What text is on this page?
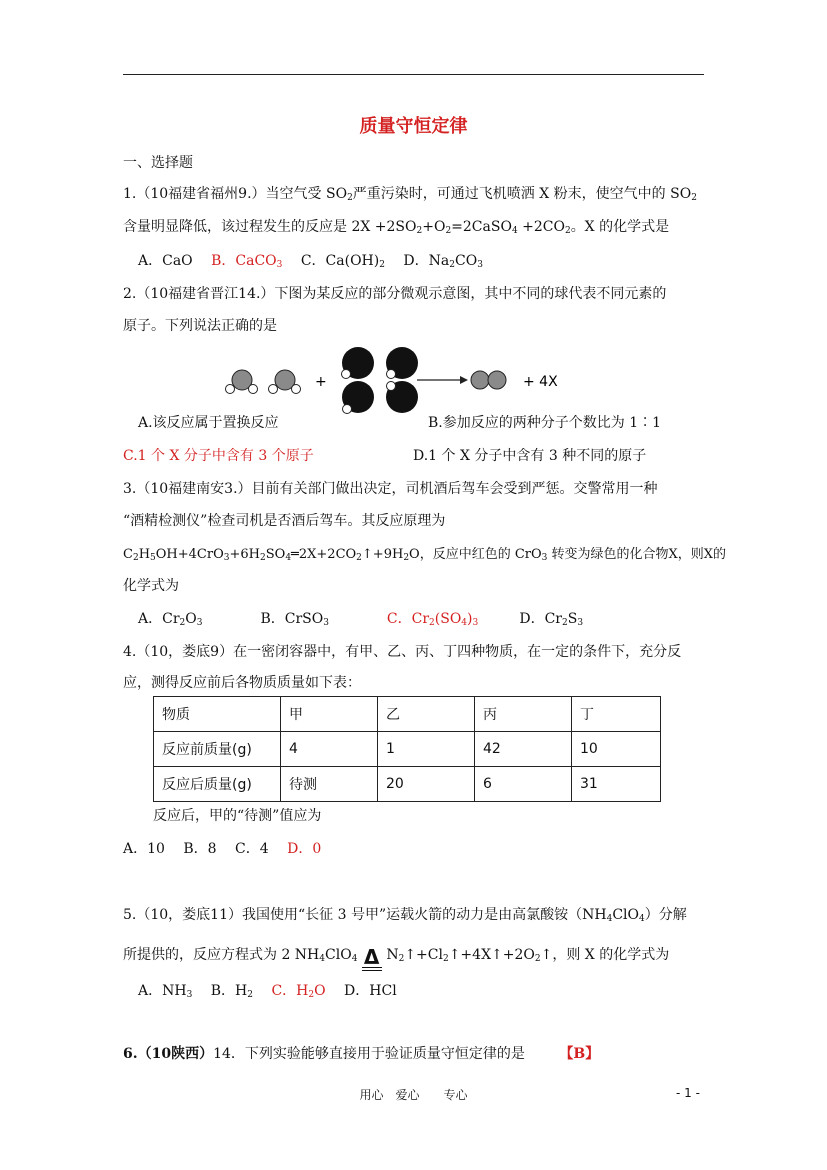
质量守恒定律
一、选择题
1.（10福建省福州9.）当空气受 $SO_2$严重污染时，可通过飞机喷洒 X 粉末，使空气中的 $SO_2$
含量明显降低，该过程发生的反应是 $2X +2SO_2+O_2=2CaSO_4 +2CO_2$。X 的化学式是
A．CaO B．CaCO$_3$ C．$Ca(OH)_2$ D．$Na_2CO_3$
2.（10福建省晋江14.）下图为某反应的部分微观示意图，其中不同的球代表不同元素的
原子。下列说法正确的是
+	+ 4X
A.该反应属于置换反应	B.参加反应的两种分子个数比为 1∶1
C.1 个 X 分子中含有 3 个原子	D.1 个 X 分子中含有 3 种不同的原子
3.（10福建南安3.）目前有关部门做出决定，司机酒后驾车会受到严惩。交警常用一种
“酒精检测仪”检查司机是否酒后驾车。其反应原理为
$C_2H_5OH+4CrO_3+6H_2SO_4═2X+2CO_2↑+9H_2O$，反应中红色的 CrO$_3$ 转变为绿色的化合物X，则X的
化学式为
A．$Cr_2O_3$	B．CrSO$_3$	C．$Cr_2(SO_4)_3$	D．$Cr_2S_3$
4.（10，娄底9）在一密闭容器中，有甲、乙、丙、丁四种物质，在一定的条件下，充分反
应，测得反应前后各物质质量如下表：
物质	甲	乙	丙	丁
反应前质量(g)	4	1	42	10
反应后质量(g)	待测	20	6	31
反应后，甲的“待测”值应为
A．10 B．8 C．4 D．0
5.（10，娄底11）我国使用“长征 3 号甲”运载火箭的动力是由高氯酸铵$(NH_4ClO_4)$分解
所提供的，反应方程式为 2 $NH_4ClO_4$ Δ $N_2↑+Cl_2↑+4X↑+2O_2↑$，则 X 的化学式为
A．$NH_3$ B．$H_2$ C．$H_2O$ D．HCl
6.（10陕西）14．下列实验能够直接用于验证质量守恒定律的是 【B】
用心　爱心　　专心	- 1 -
